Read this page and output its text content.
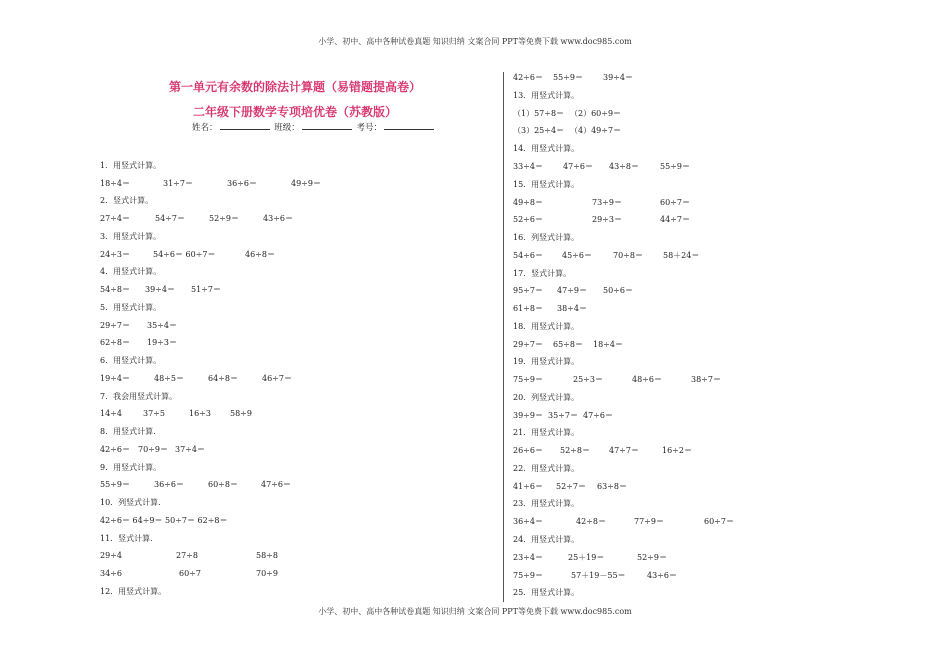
小学、初中、高中各种试卷真题 知识归纳 文案合同 PPT等免费下载 www.doc985.com
第一单元有余数的除法计算题（易错题提高卷）
二年级下册数学专项培优卷（苏教版）
姓名：	班级：	考号：
1．用竖式计算。
18÷4＝	31÷7＝	36÷6＝	49÷9＝
2．竖式计算。
27÷4＝	54÷7＝	52÷9＝	43÷6＝
3．用竖式计算。
24÷3＝	54÷6＝ 60÷7＝	46÷8＝
4．用竖式计算。
54÷8＝ 39÷4＝ 51÷7＝
5．用竖式计算。
29÷7＝ 35÷4＝
62÷8＝ 19÷3＝
6．用竖式计算。
19÷4＝	48÷5＝	64÷8＝	46÷7＝
7．我会用竖式计算。
14÷4	37÷5	16÷3 58÷9
8．用竖式计算.
42÷6＝ 70÷9＝ 37÷4＝
9．用竖式计算。
55÷9＝	36÷6＝	60÷8＝	47÷6＝
10．列竖式计算.
42÷6＝ 64÷9＝ 50÷7＝ 62÷8＝
11．竖式计算.
29÷4	27÷8	58÷8
34÷6	60÷7	70÷9
12．用竖式计算。
42÷6＝ 55÷9＝	39÷4＝
13．用竖式计算。
（1）57÷8＝ （2）60÷9＝
（3）25÷4＝ （4）49÷7＝
14．用竖式计算。
33÷4＝	47÷6＝ 43÷8＝	55÷9＝
15．用竖式计算。
49÷8＝	73÷9＝	60÷7＝
52÷6＝	29÷3＝	44÷7＝
16．列竖式计算。
54÷6＝ 45÷6＝	70÷8＝	58＋24＝
17．竖式计算。
95÷7＝ 47÷9＝ 50÷6＝
61÷8＝ 38÷4＝
18．用竖式计算。
29÷7＝ 65÷8＝ 18÷4＝
19．用竖式计算。
75÷9＝	25÷3＝	48÷6＝	38÷7＝
20．列竖式计算。
39÷9＝ 35÷7＝ 47÷6＝
21．用竖式计算。
26÷6＝ 52÷8＝ 47÷7＝	16÷2＝
22．用竖式计算。
41÷6＝ 52÷7＝ 63÷8＝
23．用竖式计算。
36÷4＝	42÷8＝	77÷9＝	60÷7＝
24．用竖式计算。
23÷4＝	25＋19＝	52÷9＝
75÷9＝	57＋19－55＝	43÷6＝
25．用竖式计算。
小学、初中、高中各种试卷真题 知识归纳 文案合同 PPT等免费下载 www.doc985.com
